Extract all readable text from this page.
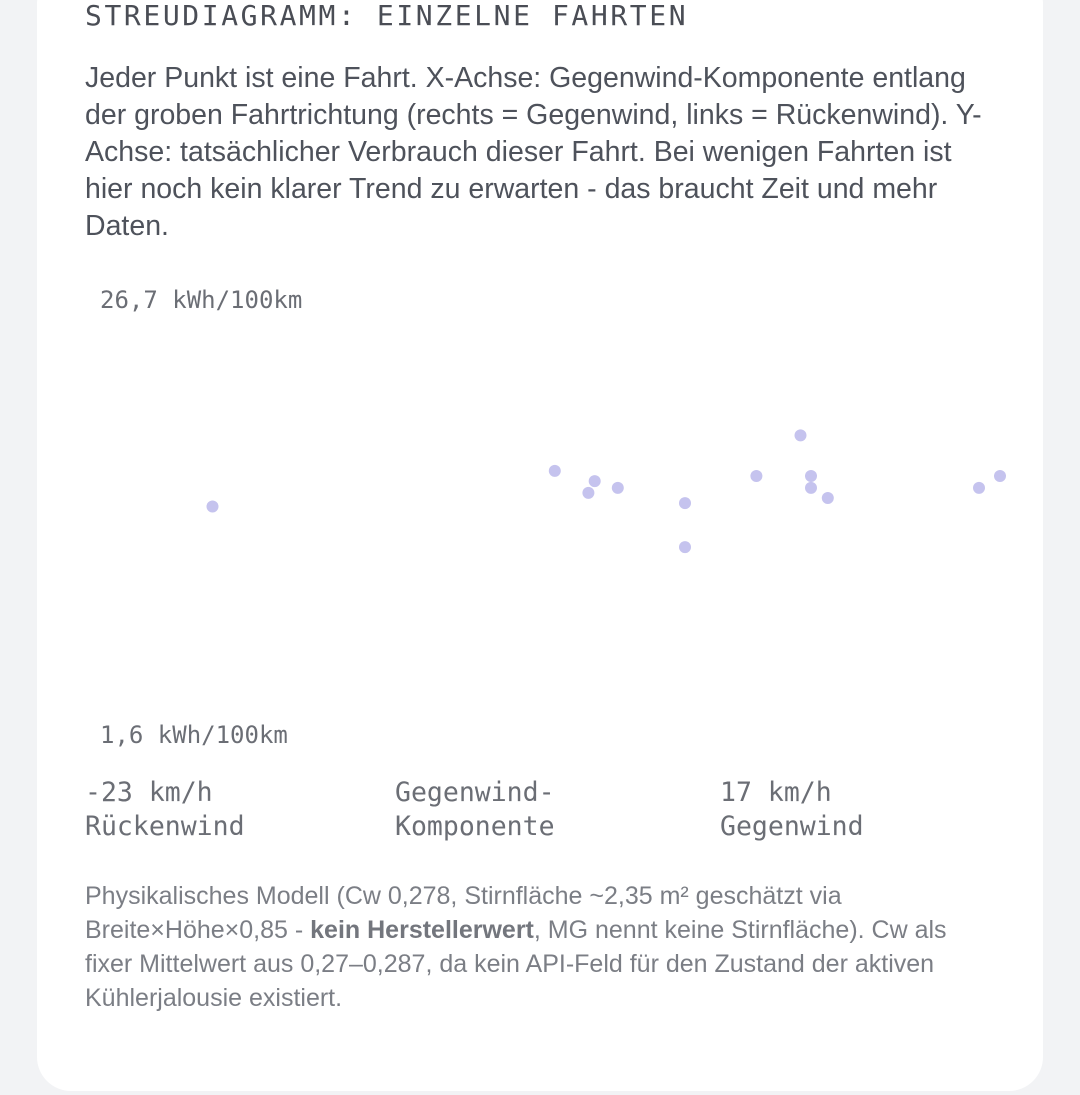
STREUDIAGRAMM: EINZELNE FAHRTEN

Jeder Punkt ist eine Fahrt. X-Achse: Gegenwind-Komponente entlang der groben Fahrtrichtung (rechts = Gegenwind, links = Rückenwind). Y-Achse: tatsächlicher Verbrauch dieser Fahrt. Bei wenigen Fahrten ist hier noch kein klarer Trend zu erwarten - das braucht Zeit und mehr Daten.

26,7 kWh/100km
1,6 kWh/100km
-23 km/h
Rückenwind
Gegenwind-
Komponente
17 km/h
Gegenwind

Physikalisches Modell (Cw 0,278, Stirnfläche ~2,35 m² geschätzt via Breite×Höhe×0,85 - kein Herstellerwert, MG nennt keine Stirnfläche). Cw als fixer Mittelwert aus 0,27–0,287, da kein API-Feld für den Zustand der aktiven Kühlerjalousie existiert.
